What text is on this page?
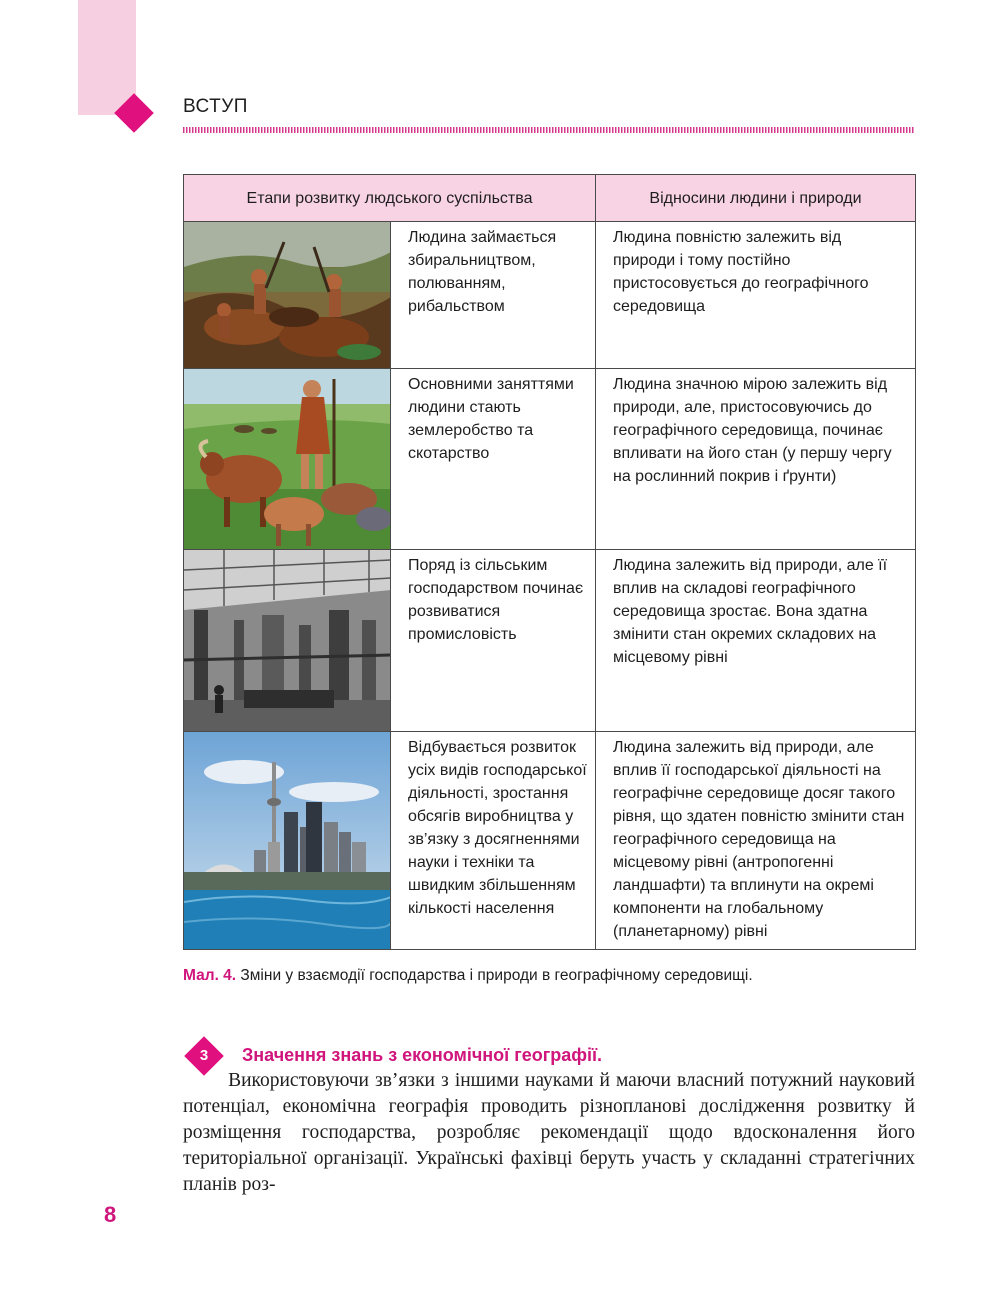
ВСТУП
Етапи розвитку людського суспільства		Відносини людини і природи

	Людина займається збиральництвом, полюванням, рибальством	Людина повністю залежить від природи і тому постійно пристосовується до географічного середовища

	Основними заняттями людини стають землеробство та скотарство	Людина значною мірою залежить від природи, але, пристосовуючись до географічного середовища, починає впливати на його стан (у першу чергу на рослинний покрив і ґрунти)

	Поряд із сільським господарством починає розвиватися промисловість	Людина залежить від природи, але її вплив на складові географічного середовища зростає. Вона здатна змінити стан окремих складових на місцевому рівні

	Відбувається розвиток усіх видів господарської діяльності, зростання обсягів виробництва у зв’язку з досягненнями науки і техніки та швидким збільшенням кількості населення	Людина залежить від природи, але вплив її господарської діяльності на географічне середовище досяг такого рівня, що здатен повністю змінити стан географічного середовища на місцевому рівні (антропогенні ландшафти) та вплинути на окремі компоненти на глобальному (планетарному) рівні
Мал. 4. Зміни у взаємодії господарства і природи в географічному середовищі.
3	Значення знань з економічної географії.
   Використовуючи зв’язки з іншими науками й маючи власний потужний науковий потенціал, економічна географія проводить різнопланові дослідження розвитку й розміщення господарства, розробляє рекомендації щодо вдосконалення його територіальної організації. Українські фахівці беруть участь у складанні стратегічних планів роз-
8
